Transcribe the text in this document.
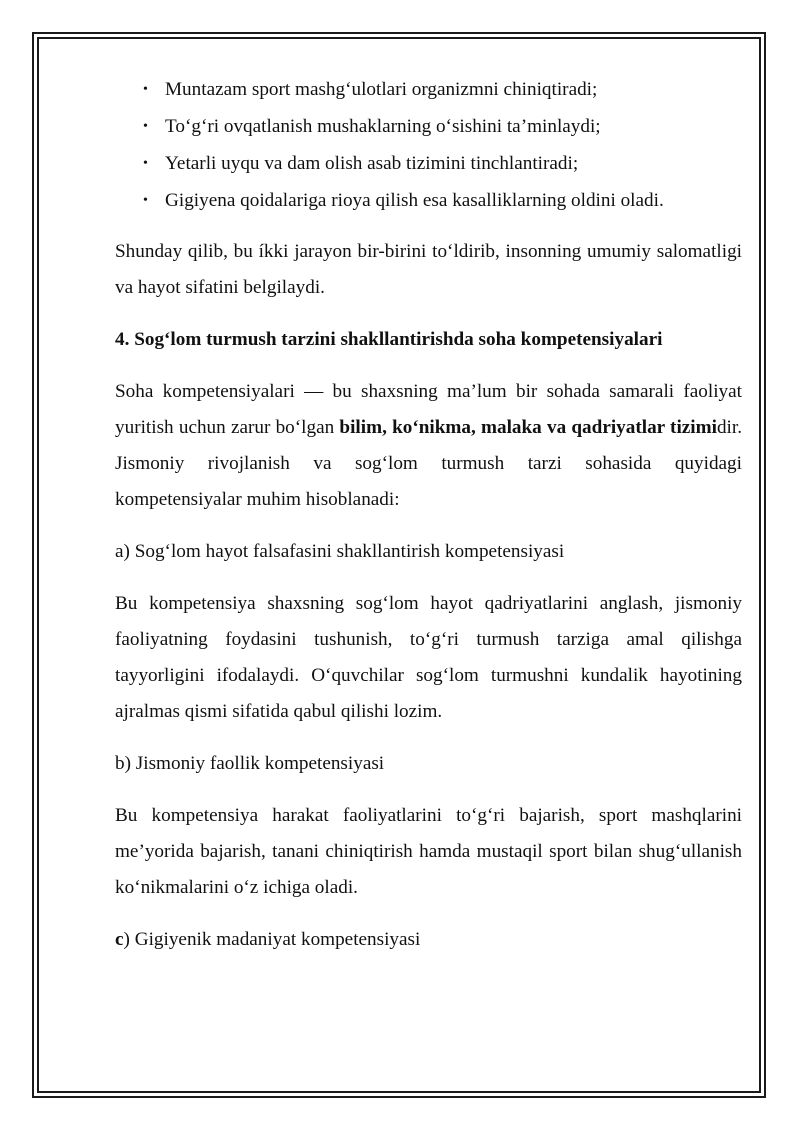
• Muntazam sport mashg‘ulotlari organizmni chiniqtiradi;
• To‘g‘ri ovqatlanish mushaklarning o‘sishini ta’minlaydi;
• Yetarli uyqu va dam olish asab tizimini tinchlantiradi;
• Gigiyena qoidalariga rioya qilish esa kasalliklarning oldini oladi.

Shunday qilib, bu íkki jarayon bir-birini to‘ldirib, insonning umumiy salomatligi va hayot sifatini belgilaydi.

4. Sog‘lom turmush tarzini shakllantirishda soha kompetensiyalari

Soha kompetensiyalari — bu shaxsning ma’lum bir sohada samarali faoliyat yuritish uchun zarur bo‘lgan bilim, ko‘nikma, malaka va qadriyatlar tizimidir. Jismoniy rivojlanish va sog‘lom turmush tarzi sohasida quyidagi kompetensiyalar muhim hisoblanadi:

a) Sog‘lom hayot falsafasini shakllantirish kompetensiyasi

Bu kompetensiya shaxsning sog‘lom hayot qadriyatlarini anglash, jismoniy faoliyatning foydasini tushunish, to‘g‘ri turmush tarziga amal qilishga tayyorligini ifodalaydi. O‘quvchilar sog‘lom turmushni kundalik hayotining ajralmas qismi sifatida qabul qilishi lozim.

b) Jismoniy faollik kompetensiyasi

Bu kompetensiya harakat faoliyatlarini to‘g‘ri bajarish, sport mashqlarini me’yorida bajarish, tanani chiniqtirish hamda mustaqil sport bilan shug‘ullanish ko‘nikmalarini o‘z ichiga oladi.

c) Gigiyenik madaniyat kompetensiyasi
